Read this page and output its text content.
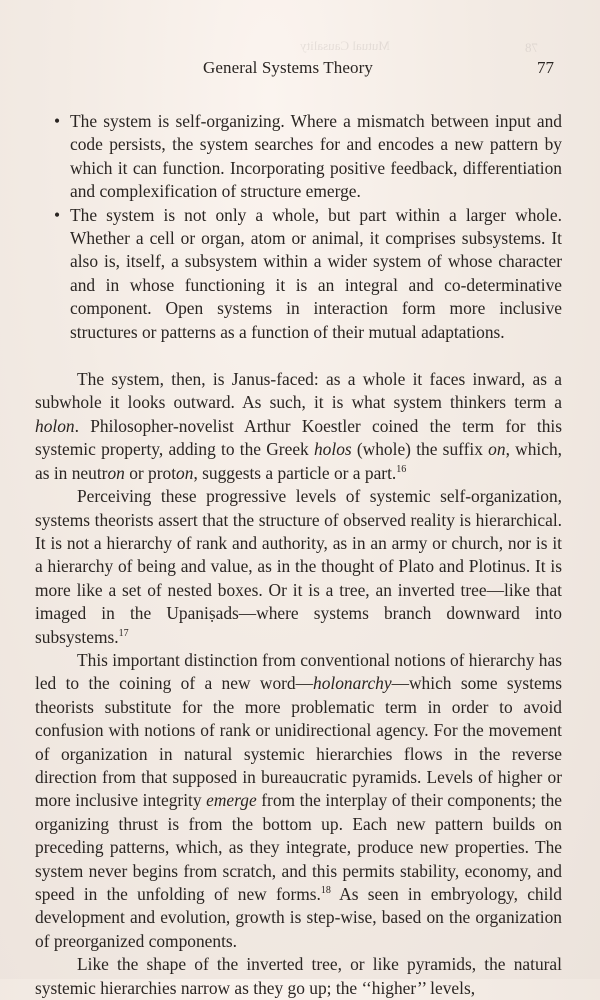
78
Mutual Causality
General Systems Theory	77
• The system is self-organizing. Where a mismatch between input and code persists, the system searches for and encodes a new pattern by which it can function. Incorporating positive feedback, differentiation and complexification of structure emerge.
• The system is not only a whole, but part within a larger whole. Whether a cell or organ, atom or animal, it comprises subsystems. It also is, itself, a subsystem within a wider system of whose character and in whose functioning it is an integral and co-determinative component. Open systems in interaction form more inclusive structures or patterns as a function of their mutual adaptations.

The system, then, is Janus-faced: as a whole it faces inward, as a subwhole it looks outward. As such, it is what system thinkers term a holon. Philosopher-novelist Arthur Koestler coined the term for this systemic property, adding to the Greek holos (whole) the suffix on, which, as in neutron or proton, suggests a particle or a part.$^{16}$

Perceiving these progressive levels of systemic self-organization, systems theorists assert that the structure of observed reality is hierarchical. It is not a hierarchy of rank and authority, as in an army or church, nor is it a hierarchy of being and value, as in the thought of Plato and Plotinus. It is more like a set of nested boxes. Or it is a tree, an inverted tree—like that imaged in the Upaniṣads—where systems branch downward into subsystems.$^{17}$

This important distinction from conventional notions of hierarchy has led to the coining of a new word—holonarchy—which some systems theorists substitute for the more problematic term in order to avoid confusion with notions of rank or unidirectional agency. For the movement of organization in natural systemic hierarchies flows in the reverse direction from that supposed in bureaucratic pyramids. Levels of higher or more inclusive integrity emerge from the interplay of their components; the organizing thrust is from the bottom up. Each new pattern builds on preceding patterns, which, as they integrate, produce new properties. The system never begins from scratch, and this permits stability, economy, and speed in the unfolding of new forms.$^{18}$ As seen in embryology, child development and evolution, growth is step-wise, based on the organization of preorganized components.

Like the shape of the inverted tree, or like pyramids, the natural systemic hierarchies narrow as they go up; the ‘‘higher’’ levels,
